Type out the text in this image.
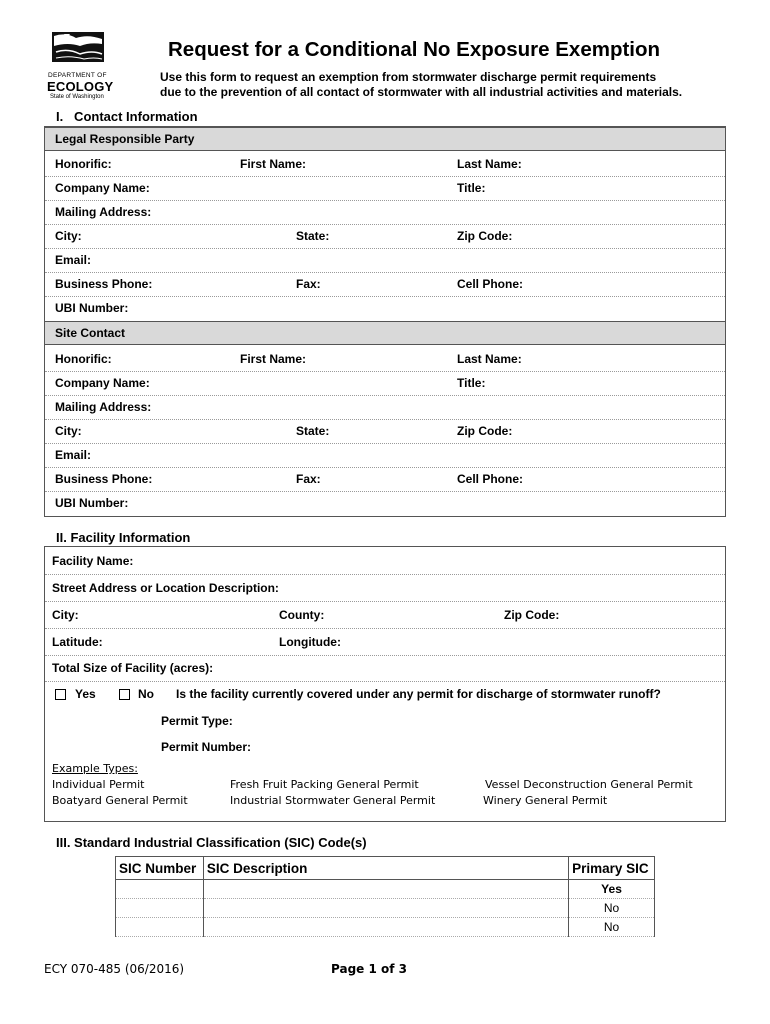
DEPARTMENT OF
ECOLOGY
State of Washington
Request for a Conditional No Exposure Exemption
Use this form to request an exemption from stormwater discharge permit requirements
due to the prevention of all contact of stormwater with all industrial activities and materials.
I.   Contact Information
Legal Responsible Party
Honorific:	First Name:	Last Name:
Company Name:	Title:
Mailing Address:
City:	State:	Zip Code:
Email:
Business Phone:	Fax:	Cell Phone:
UBI Number:
Site Contact
Honorific:	First Name:	Last Name:
Company Name:	Title:
Mailing Address:
City:	State:	Zip Code:
Email:
Business Phone:	Fax:	Cell Phone:
UBI Number:
II. Facility Information
Facility Name:
Street Address or Location Description:
City:	County:	Zip Code:
Latitude:	Longitude:
Total Size of Facility (acres):
Yes	No Is the facility currently covered under any permit for discharge of stormwater runoff?
Permit Type:
Permit Number:
Example Types:
Individual Permit	Fresh Fruit Packing General Permit	Vessel Deconstruction General Permit
Boatyard General Permit	Industrial Stormwater General Permit	Winery General Permit
III. Standard Industrial Classification (SIC) Code(s)
SIC Number	SIC Description	Primary SIC
		Yes
		No
		No
ECY 070-485 (06/2016)	Page 1 of 3
